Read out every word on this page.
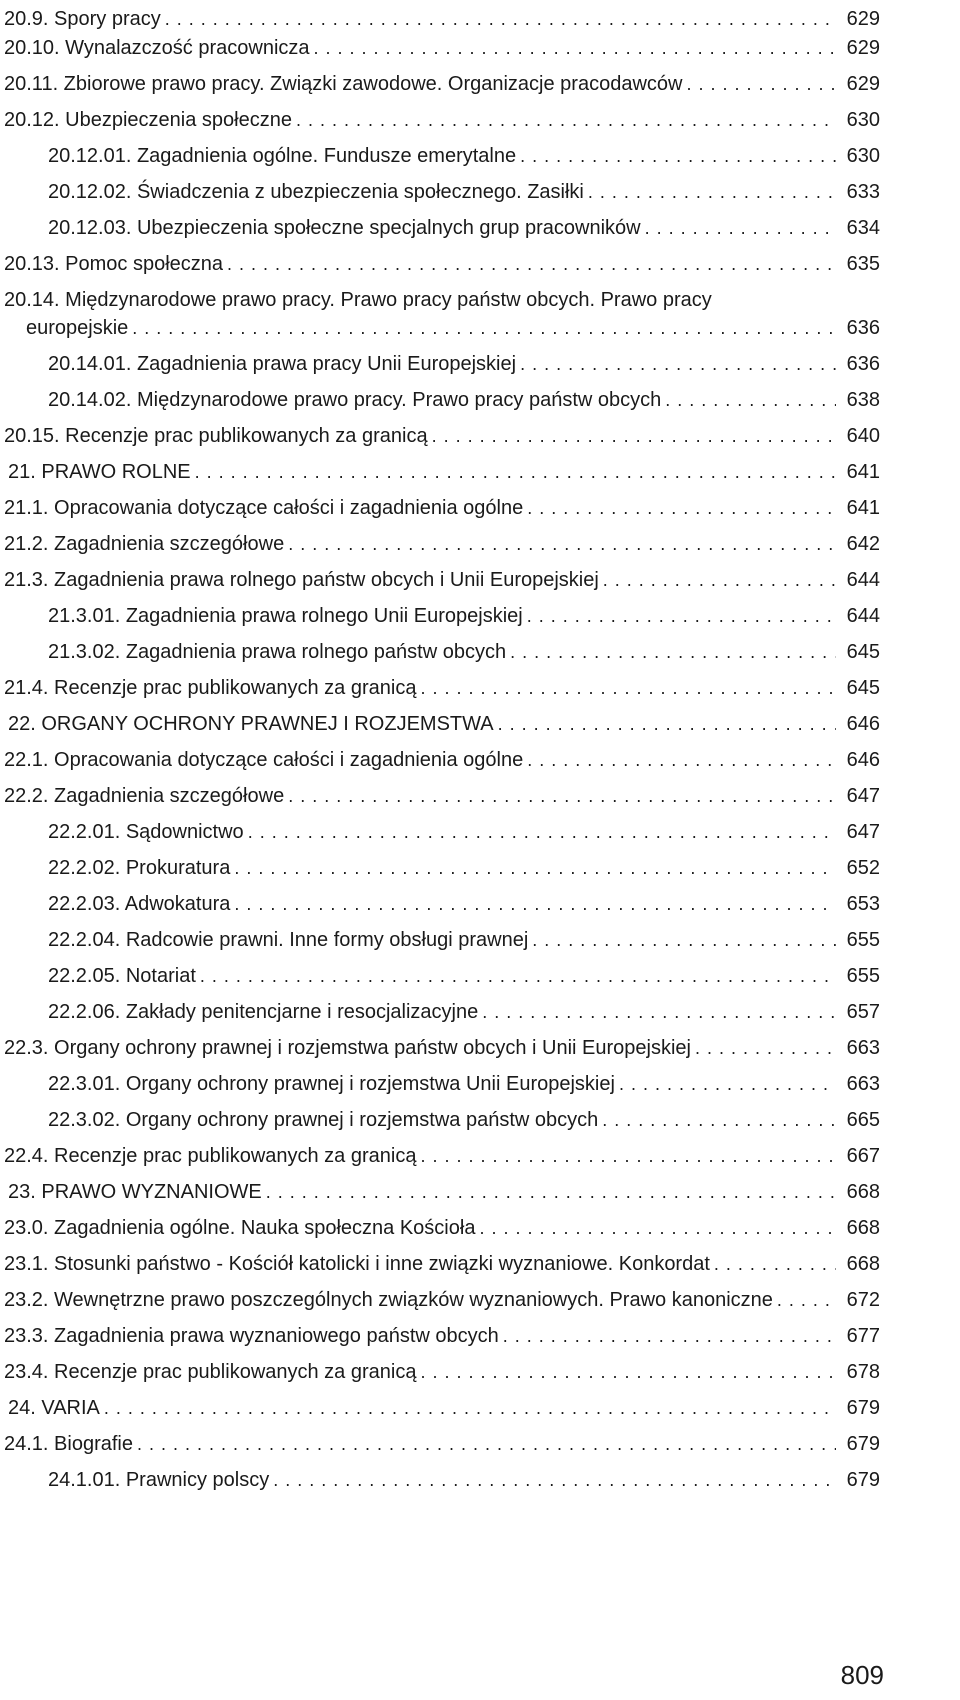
20.9. Spory pracy . . .	629
20.10. Wynalazczość pracownicza . . .	629
20.11. Zbiorowe prawo pracy. Związki zawodowe. Organizacje pracodawców . . .	629
20.12. Ubezpieczenia społeczne . . .	630
20.12.01. Zagadnienia ogólne. Fundusze emerytalne . . .	630
20.12.02. Świadczenia z ubezpieczenia społecznego. Zasiłki . . .	633
20.12.03. Ubezpieczenia społeczne specjalnych grup pracowników . . .	634
20.13. Pomoc społeczna . . .	635
20.14. Międzynarodowe prawo pracy. Prawo pracy państw obcych. Prawo pracy
europejskie . . .	636
20.14.01. Zagadnienia prawa pracy Unii Europejskiej . . .	636
20.14.02. Międzynarodowe prawo pracy. Prawo pracy państw obcych . . .	638
20.15. Recenzje prac publikowanych za granicą . . .	640
21. PRAWO ROLNE . . .	641
21.1. Opracowania dotyczące całości i zagadnienia ogólne . . .	641
21.2. Zagadnienia szczegółowe . . .	642
21.3. Zagadnienia prawa rolnego państw obcych i Unii Europejskiej . . .	644
21.3.01. Zagadnienia prawa rolnego Unii Europejskiej . . .	644
21.3.02. Zagadnienia prawa rolnego państw obcych . . .	645
21.4. Recenzje prac publikowanych za granicą . . .	645
22. ORGANY OCHRONY PRAWNEJ I ROZJEMSTWA . . .	646
22.1. Opracowania dotyczące całości i zagadnienia ogólne . . .	646
22.2. Zagadnienia szczegółowe . . .	647
22.2.01. Sądownictwo . . .	647
22.2.02. Prokuratura . . .	652
22.2.03. Adwokatura . . .	653
22.2.04. Radcowie prawni. Inne formy obsługi prawnej . . .	655
22.2.05. Notariat . . .	655
22.2.06. Zakłady penitencjarne i resocjalizacyjne . . .	657
22.3. Organy ochrony prawnej i rozjemstwa państw obcych i Unii Europejskiej . . .	663
22.3.01. Organy ochrony prawnej i rozjemstwa Unii Europejskiej . . .	663
22.3.02. Organy ochrony prawnej i rozjemstwa państw obcych . . .	665
22.4. Recenzje prac publikowanych za granicą . . .	667
23. PRAWO WYZNANIOWE . . .	668
23.0. Zagadnienia ogólne. Nauka społeczna Kościoła . . .	668
23.1. Stosunki państwo - Kościół katolicki i inne związki wyznaniowe. Konkordat . . .	668
23.2. Wewnętrzne prawo poszczególnych związków wyznaniowych. Prawo kanoniczne . . .	672
23.3. Zagadnienia prawa wyznaniowego państw obcych . . .	677
23.4. Recenzje prac publikowanych za granicą . . .	678
24. VARIA . . .	679
24.1. Biografie . . .	679
24.1.01. Prawnicy polscy . . .	679
809
